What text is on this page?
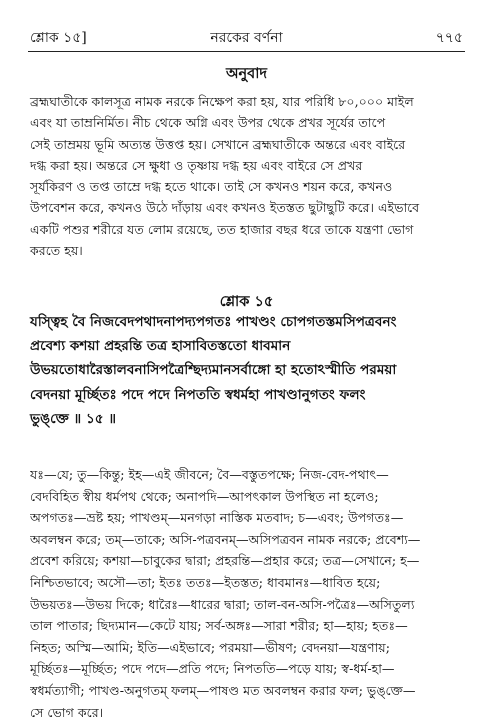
শ্লোক ১৫]	নরকের বর্ণনা	৭৭৫
অনুবাদ
ব্রহ্মঘাতীকে কালসূত্র নামক নরকে নিক্ষেপ করা হয়, যার পরিধি ৮০,০০০ মাইল
এবং যা তাম্রনির্মিত। নীচ থেকে অগ্নি এবং উপর থেকে প্রখর সূর্যের তাপে
সেই তাম্রময় ভূমি অত্যন্ত উত্তপ্ত হয়। সেখানে ব্রহ্মঘাতীকে অন্তরে এবং বাইরে
দগ্ধ করা হয়। অন্তরে সে ক্ষুধা ও তৃষ্ণায় দগ্ধ হয় এবং বাইরে সে প্রখর
সূর্যকিরণ ও তপ্ত তাম্রে দগ্ধ হতে থাকে। তাই সে কখনও শয়ন করে, কখনও
উপবেশন করে, কখনও উঠে দাঁড়ায় এবং কখনও ইতস্তত ছুটাছুটি করে। এইভাবে
একটি পশুর শরীরে যত লোম রয়েছে, তত হাজার বছর ধরে তাকে যন্ত্রণা ভোগ
করতে হয়।
শ্লোক ১৫
যস্ত্বিহ বৈ নিজবেদপথাদনাপদ্যপগতঃ পাখণ্ডং চোপগতস্তমসিপত্রবনং
প্রবেশ্য কশয়া প্রহরন্তি তত্র হাসাবিতস্ততো ধাবমান
উভয়তোধারৈস্তালবনাসিপত্রৈশ্ছিদ্যমানসর্বাঙ্গো হা হতোঽস্মীতি পরময়া
বেদনয়া মূর্চ্ছিতঃ পদে পদে নিপততি স্বধর্মহা পাখণ্ডানুগতং ফলং
ভুঙ্‌ক্তে ॥ ১৫ ॥
যঃ—যে; তু—কিন্তু; ইহ—এই জীবনে; বৈ—বস্তুতপক্ষে; নিজ-বেদ-পথাৎ—
বেদবিহিত স্বীয় ধর্মপথ থেকে; অনাপদি—আপৎকাল উপস্থিত না হলেও;
অপগতঃ—ভ্রষ্ট হয়; পাখণ্ডম্—মনগড়া নাস্তিক মতবাদ; চ—এবং; উপগতঃ—
অবলম্বন করে; তম্—তাকে; অসি-পত্রবনম্—অসিপত্রবন নামক নরকে; প্রবেশ্য—
প্রবেশ করিয়ে; কশয়া—চাবুকের দ্বারা; প্রহরন্তি—প্রহার করে; তত্র—সেখানে; হ—
নিশ্চিতভাবে; অসৌ—তা; ইতঃ ততঃ—ইতস্তত; ধাবমানঃ—ধাবিত হয়ে;
উভয়তঃ—উভয় দিকে; ধারৈঃ—ধারের দ্বারা; তাল-বন-অসি-পত্রৈঃ—অসিতুল্য
তাল পাতার; ছিদ্যমান—কেটে যায়; সর্ব-অঙ্গঃ—সারা শরীর; হা—হায়; হতঃ—
নিহত; অস্মি—আমি; ইতি—এইভাবে; পরময়া—ভীষণ; বেদনয়া—যন্ত্রণায়;
মূর্চ্ছিতঃ—মূর্চ্ছিত; পদে পদে—প্রতি পদে; নিপততি—পড়ে যায়; স্ব-ধর্ম-হা—
স্বধর্মত্যাগী; পাখণ্ড-অনুগতম্ ফলম্—পাষণ্ড মত অবলম্বন করার ফল; ভুঙ্‌ক্তে—
সে ভোগ করে।
